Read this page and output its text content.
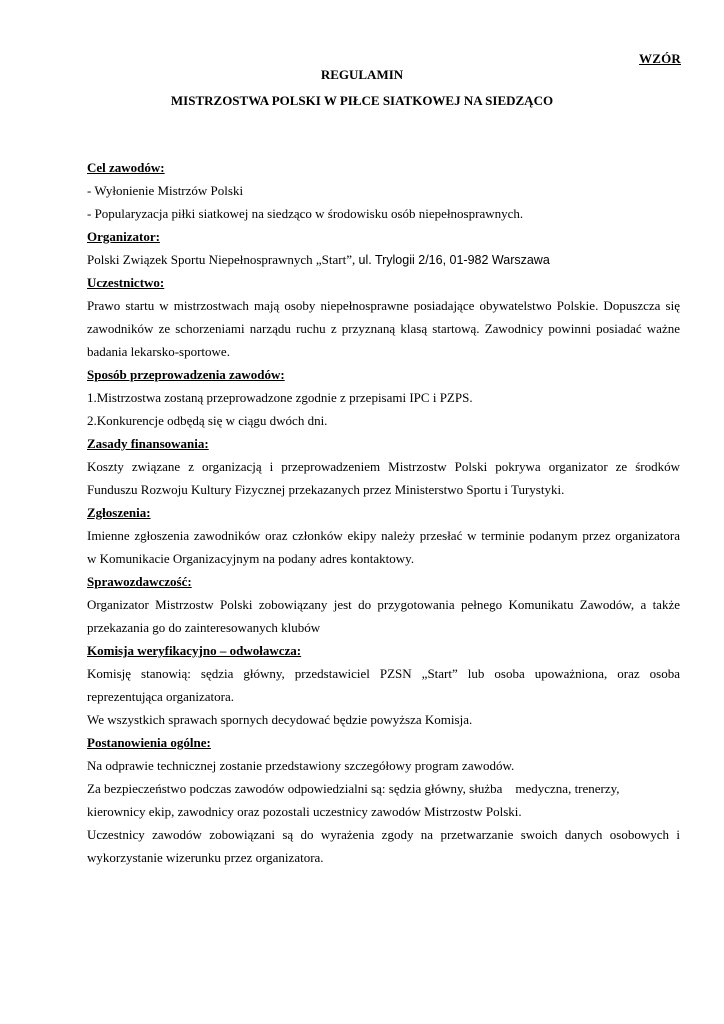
WZÓR
REGULAMIN
MISTRZOSTWA POLSKI W PIŁCE SIATKOWEJ NA SIEDZĄCO
Cel zawodów:
- Wyłonienie Mistrzów Polski
- Popularyzacja piłki siatkowej na siedząco w środowisku osób niepełnosprawnych.
Organizator:
Polski Związek Sportu Niepełnosprawnych „Start”, ul. Trylogii 2/16, 01-982 Warszawa
Uczestnictwo:
Prawo startu w mistrzostwach mają osoby niepełnosprawne posiadające obywatelstwo Polskie. Dopuszcza się
zawodników ze schorzeniami narządu ruchu z przyznaną klasą startową. Zawodnicy powinni posiadać ważne
badania lekarsko-sportowe.
Sposób przeprowadzenia zawodów:
1.Mistrzostwa zostaną przeprowadzone zgodnie z przepisami IPC i PZPS.
2.Konkurencje odbędą się w ciągu dwóch dni.
Zasady finansowania:
Koszty związane z organizacją i przeprowadzeniem Mistrzostw Polski pokrywa organizator ze środków
Funduszu Rozwoju Kultury Fizycznej przekazanych przez Ministerstwo Sportu i Turystyki.
Zgłoszenia:
Imienne zgłoszenia zawodników oraz członków ekipy należy przesłać w terminie podanym przez organizatora
w Komunikacie Organizacyjnym na podany adres kontaktowy.
Sprawozdawczość:
Organizator Mistrzostw Polski zobowiązany jest do przygotowania pełnego Komunikatu Zawodów, a także
przekazania go do zainteresowanych klubów
Komisja weryfikacyjno – odwoławcza:
Komisję stanowią: sędzia główny, przedstawiciel PZSN „Start” lub osoba upoważniona, oraz osoba
reprezentująca organizatora.
We wszystkich sprawach spornych decydować będzie powyższa Komisja.
Postanowienia ogólne:
Na odprawie technicznej zostanie przedstawiony szczegółowy program zawodów.
Za bezpieczeństwo podczas zawodów odpowiedzialni są: sędzia główny, służba    medyczna, trenerzy,
kierownicy ekip, zawodnicy oraz pozostali uczestnicy zawodów Mistrzostw Polski.
Uczestnicy zawodów zobowiązani są do wyrażenia zgody na przetwarzanie swoich danych osobowych i
wykorzystanie wizerunku przez organizatora.
